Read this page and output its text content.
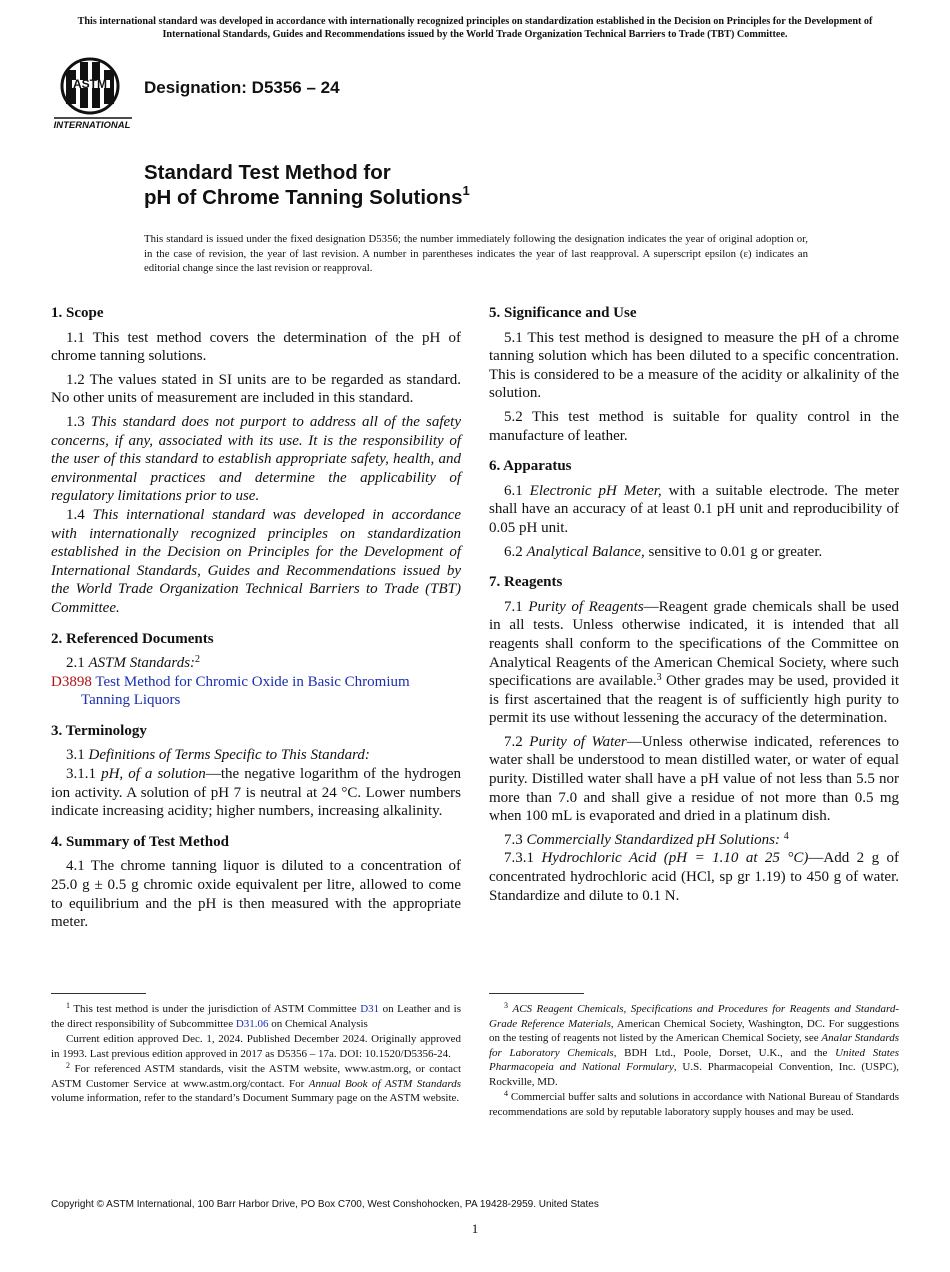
This international standard was developed in accordance with internationally recognized principles on standardization established in the Decision on Principles for the Development of International Standards, Guides and Recommendations issued by the World Trade Organization Technical Barriers to Trade (TBT) Committee.
ASTM
INTERNATIONAL
Designation: D5356 – 24
Standard Test Method for
pH of Chrome Tanning Solutions$^1$
This standard is issued under the fixed designation D5356; the number immediately following the designation indicates the year of original adoption or, in the case of revision, the year of last revision. A number in parentheses indicates the year of last reapproval. A superscript epsilon (ε) indicates an editorial change since the last revision or reapproval.
1. Scope

1.1 This test method covers the determination of the pH of chrome tanning solutions.

1.2 The values stated in SI units are to be regarded as standard. No other units of measurement are included in this standard.

1.3 This standard does not purport to address all of the safety concerns, if any, associated with its use. It is the responsibility of the user of this standard to establish appropriate safety, health, and environmental practices and determine the applicability of regulatory limitations prior to use.

1.4 This international standard was developed in accordance with internationally recognized principles on standardization established in the Decision on Principles for the Development of International Standards, Guides and Recommendations issued by the World Trade Organization Technical Barriers to Trade (TBT) Committee.

2. Referenced Documents

2.1 ASTM Standards:$^2$

D3898 Test Method for Chromic Oxide in Basic Chromium Tanning Liquors

3. Terminology

3.1 Definitions of Terms Specific to This Standard:

3.1.1 pH, of a solution—the negative logarithm of the hydrogen ion activity. A solution of pH 7 is neutral at 24 °C. Lower numbers indicate increasing acidity; higher numbers, increasing alkalinity.

4. Summary of Test Method

4.1 The chrome tanning liquor is diluted to a concentration of 25.0 g ± 0.5 g chromic oxide equivalent per litre, allowed to come to equilibrium and the pH is then measured with the appropriate meter.

5. Significance and Use

5.1 This test method is designed to measure the pH of a chrome tanning solution which has been diluted to a specific concentration. This is considered to be a measure of the acidity or alkalinity of the solution.

5.2 This test method is suitable for quality control in the manufacture of leather.

6. Apparatus

6.1 Electronic pH Meter, with a suitable electrode. The meter shall have an accuracy of at least 0.1 pH unit and reproducibility of 0.05 pH unit.

6.2 Analytical Balance, sensitive to 0.01 g or greater.

7. Reagents

7.1 Purity of Reagents—Reagent grade chemicals shall be used in all tests. Unless otherwise indicated, it is intended that all reagents shall conform to the specifications of the Committee on Analytical Reagents of the American Chemical Society, where such specifications are available.$^3$ Other grades may be used, provided it is first ascertained that the reagent is of sufficiently high purity to permit its use without lessening the accuracy of the determination.

7.2 Purity of Water—Unless otherwise indicated, references to water shall be understood to mean distilled water, or water of equal purity. Distilled water shall have a pH value of not less than 5.5 nor more than 7.0 and shall give a residue of not more than 0.5 mg when 100 mL is evaporated and dried in a platinum dish.

7.3 Commercially Standardized pH Solutions: $^4$

7.3.1 Hydrochloric Acid (pH = 1.10 at 25 °C)—Add 2 g of concentrated hydrochloric acid (HCl, sp gr 1.19) to 450 g of water. Standardize and dilute to 0.1 N.

$^1$ This test method is under the jurisdiction of ASTM Committee D31 on Leather and is the direct responsibility of Subcommittee D31.06 on Chemical Analysis

Current edition approved Dec. 1, 2024. Published December 2024. Originally approved in 1993. Last previous edition approved in 2017 as D5356 – 17a. DOI: 10.1520/D5356-24.

$^2$ For referenced ASTM standards, visit the ASTM website, www.astm.org, or contact ASTM Customer Service at www.astm.org/contact. For Annual Book of ASTM Standards volume information, refer to the standard’s Document Summary page on the ASTM website.

$^3$ ACS Reagent Chemicals, Specifications and Procedures for Reagents and Standard-Grade Reference Materials, American Chemical Society, Washington, DC. For suggestions on the testing of reagents not listed by the American Chemical Society, see Analar Standards for Laboratory Chemicals, BDH Ltd., Poole, Dorset, U.K., and the United States Pharmacopeia and National Formulary, U.S. Pharmacopeial Convention, Inc. (USPC), Rockville, MD.

$^4$ Commercial buffer salts and solutions in accordance with National Bureau of Standards recommendations are sold by reputable laboratory supply houses and may be used.

Copyright © ASTM International, 100 Barr Harbor Drive, PO Box C700, West Conshohocken, PA 19428-2959. United States
1
